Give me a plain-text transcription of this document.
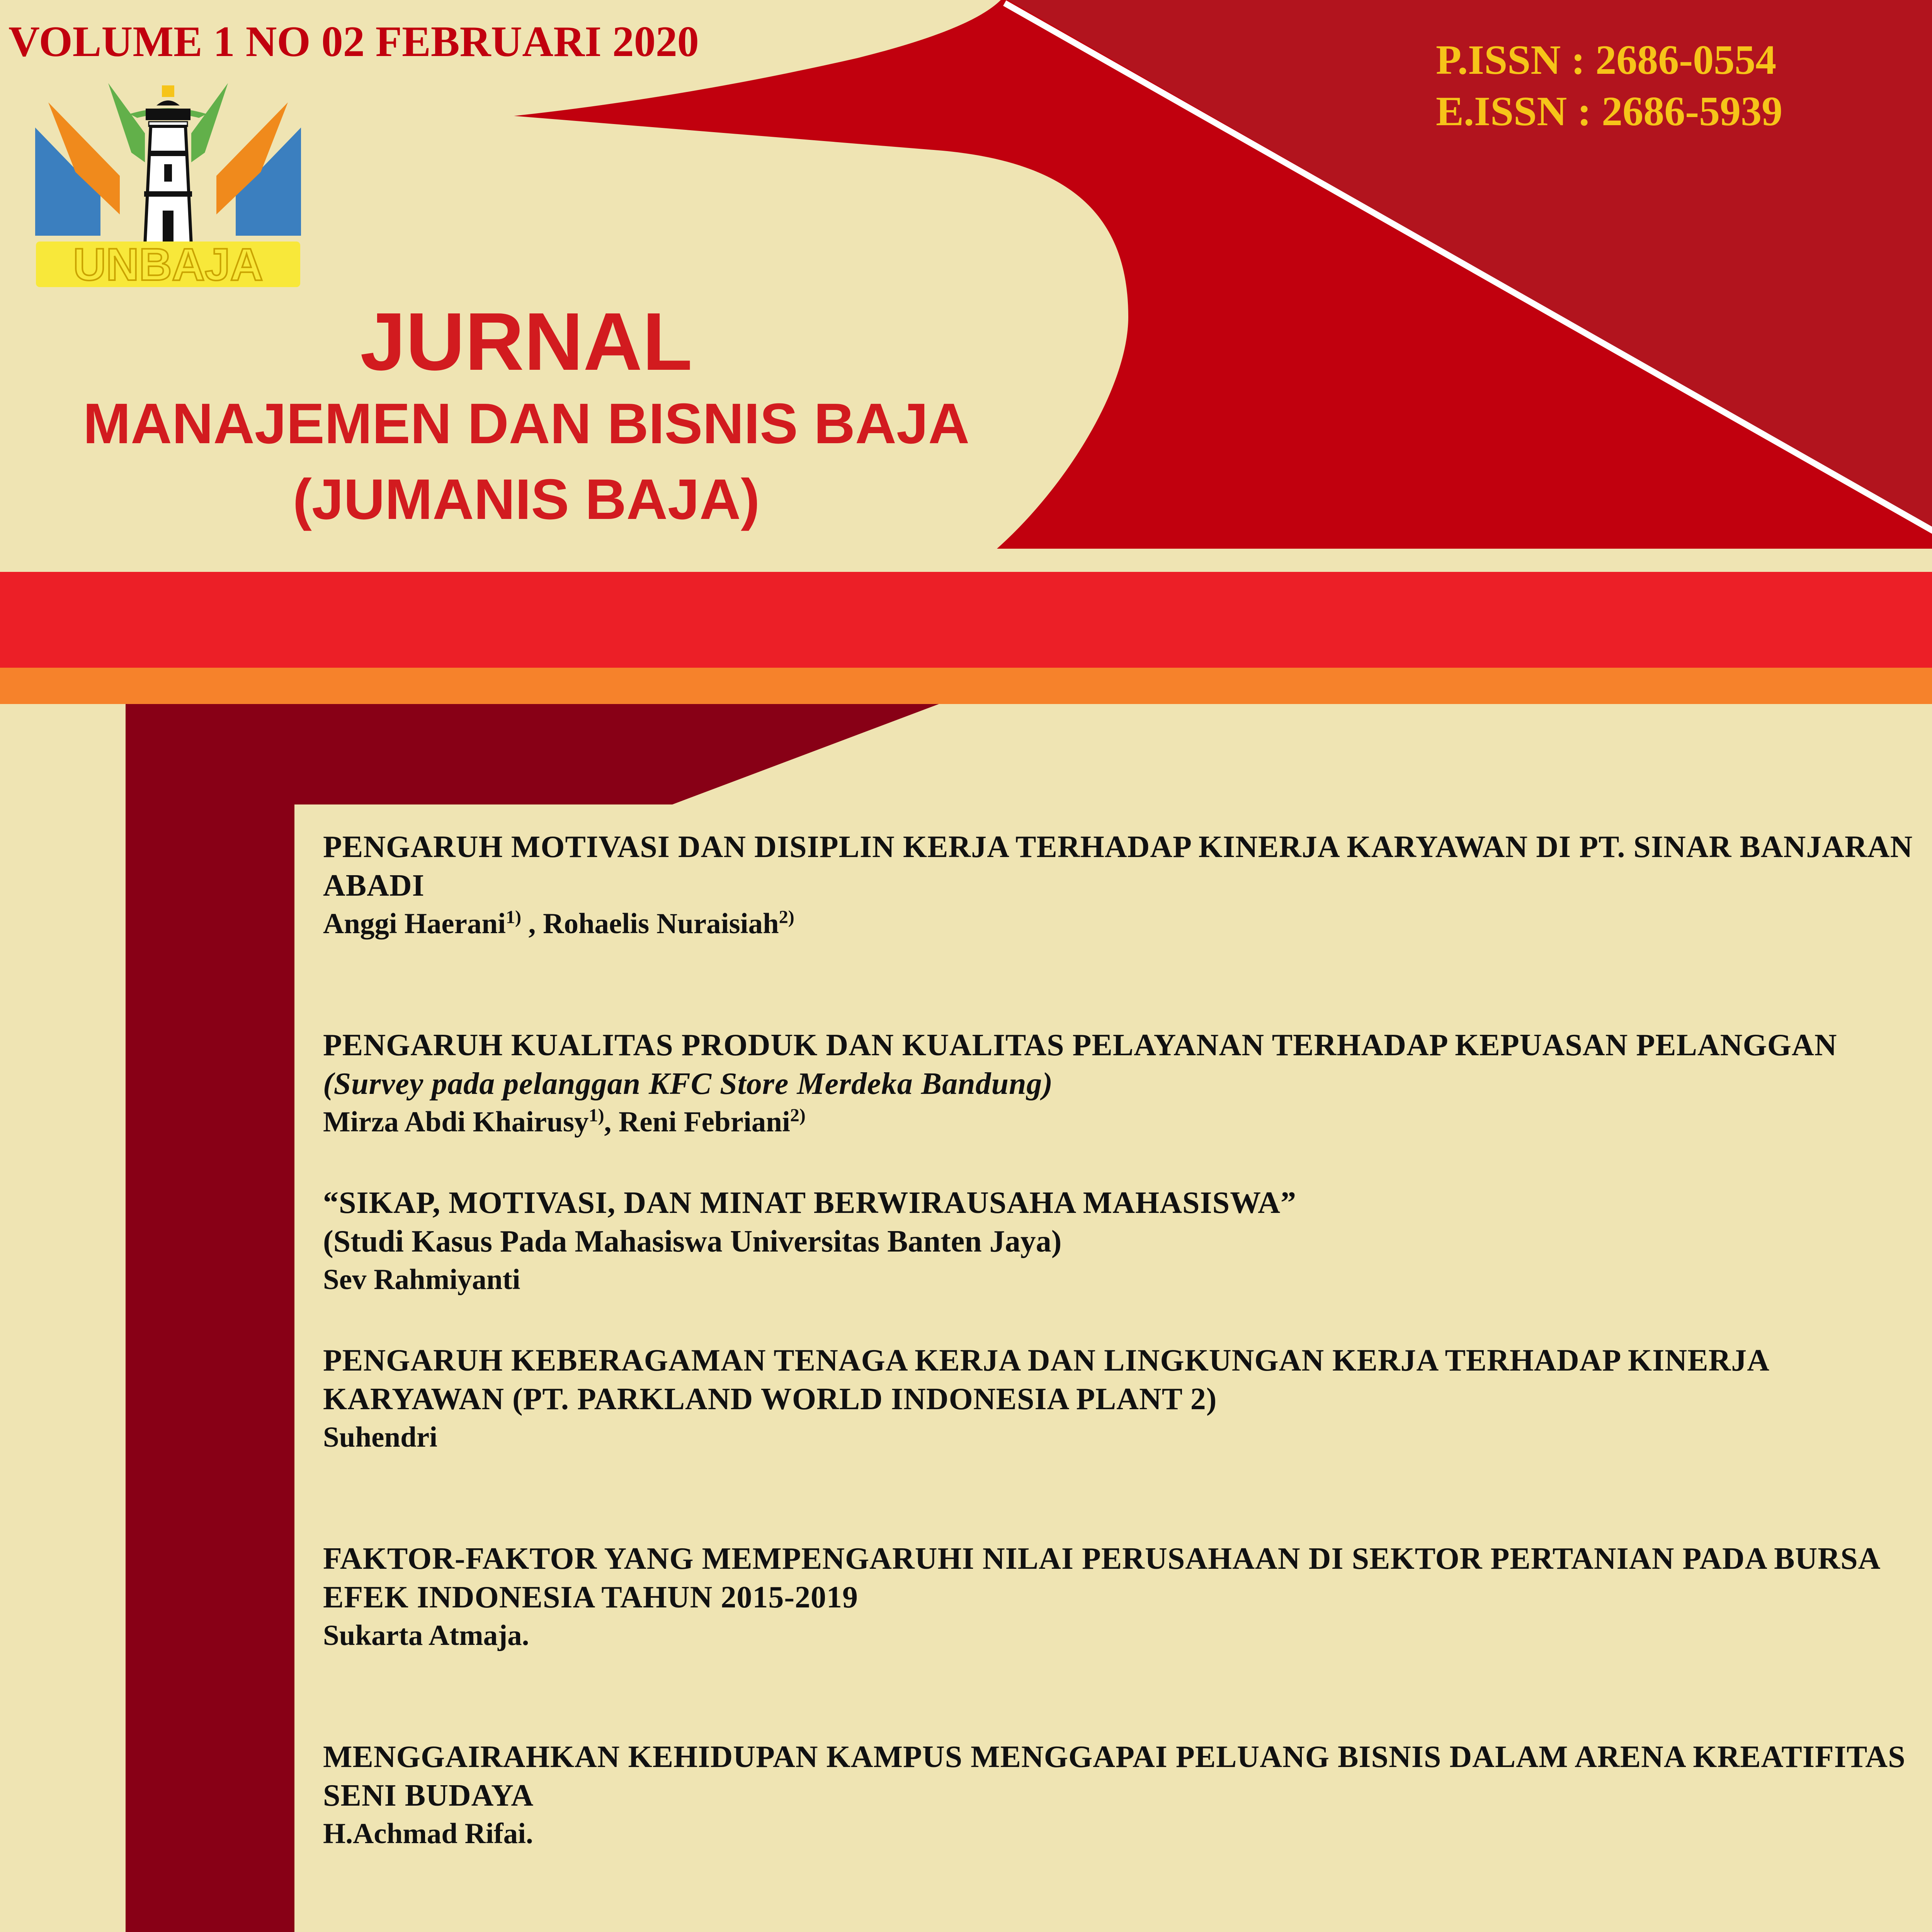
VOLUME 1 NO 02 FEBRUARI 2020	P.ISSN : 2686-0554
E.ISSN : 2686-5939
UNBAJA
JURNAL
MANAJEMEN DAN BISNIS BAJA
(JUMANIS BAJA)
PENGARUH MOTIVASI DAN DISIPLIN KERJA TERHADAP KINERJA KARYAWAN DI PT. SINAR BANJARAN ABADI
Anggi Haerani$^{1)}$ , Rohaelis Nuraisiah$^{2)}$
PENGARUH KUALITAS PRODUK DAN KUALITAS PELAYANAN TERHADAP KEPUASAN PELANGGAN (Survey pada pelanggan KFC Store Merdeka Bandung)
Mirza Abdi Khairusy$^{1)}$, Reni Febriani$^{2)}$
“SIKAP, MOTIVASI, DAN MINAT BERWIRAUSAHA MAHASISWA”
(Studi Kasus Pada Mahasiswa Universitas Banten Jaya)
Sev Rahmiyanti
PENGARUH KEBERAGAMAN TENAGA KERJA DAN LINGKUNGAN KERJA TERHADAP KINERJA KARYAWAN (PT. PARKLAND WORLD INDONESIA PLANT 2)
Suhendri
FAKTOR-FAKTOR YANG MEMPENGARUHI NILAI PERUSAHAAN DI SEKTOR PERTANIAN PADA BURSA EFEK INDONESIA TAHUN 2015-2019
Sukarta Atmaja.
MENGGAIRAHKAN KEHIDUPAN KAMPUS MENGGAPAI PELUANG BISNIS DALAM ARENA KREATIFITAS SENI BUDAYA
H.Achmad Rifai.
